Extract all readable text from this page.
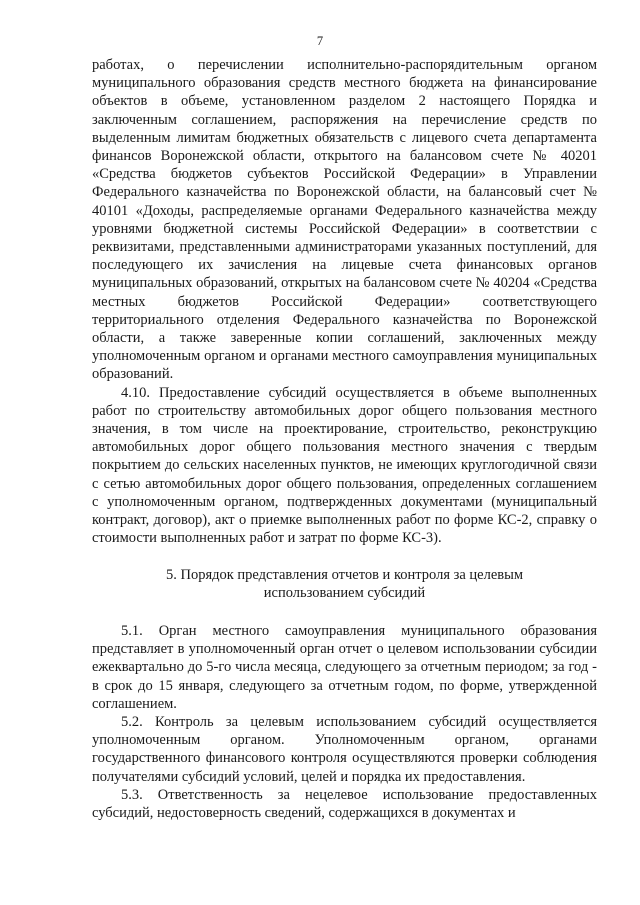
7

работах, о перечислении исполнительно-распорядительным органом муниципального образования средств местного бюджета на финансирование объектов в объеме, установленном разделом 2 настоящего Порядка и заключенным соглашением, распоряжения на перечисление средств по выделенным лимитам бюджетных обязательств с лицевого счета департамента финансов Воронежской области, открытого на балансовом счете № 40201 «Средства бюджетов субъектов Российской Федерации» в Управлении Федерального казначейства по Воронежской области, на балансовый счет № 40101 «Доходы, распределяемые органами Федерального казначейства между уровнями бюджетной системы Российской Федерации» в соответствии с реквизитами, представленными администраторами указанных поступлений, для последующего их зачисления на лицевые счета финансовых органов муниципальных образований, открытых на балансовом счете № 40204 «Средства местных бюджетов Российской Федерации» соответствующего территориального отделения Федерального казначейства по Воронежской области, а также заверенные копии соглашений, заключенных между уполномоченным органом и органами местного самоуправления муниципальных образований.

4.10. Предоставление субсидий осуществляется в объеме выполненных работ по строительству автомобильных дорог общего пользования местного значения, в том числе на проектирование, строительство, реконструкцию автомобильных дорог общего пользования местного значения с твердым покрытием до сельских населенных пунктов, не имеющих круглогодичной связи с сетью автомобильных дорог общего пользования, определенных соглашением с уполномоченным органом, подтвержденных документами (муниципальный контракт, договор), акт о приемке выполненных работ по форме КС-2, справку о стоимости выполненных работ и затрат по форме КС-3).

5. Порядок представления отчетов и контроля за целевым
использованием субсидий

5.1. Орган местного самоуправления муниципального образования представляет в уполномоченный орган отчет о целевом использовании субсидии ежеквартально до 5-го числа месяца, следующего за отчетным периодом; за год - в срок до 15 января, следующего за отчетным годом, по форме, утвержденной соглашением.

5.2. Контроль за целевым использованием субсидий осуществляется уполномоченным органом. Уполномоченным органом, органами государственного финансового контроля осуществляются проверки соблюдения получателями субсидий условий, целей и порядка их предоставления.

5.3. Ответственность за нецелевое использование предоставленных субсидий, недостоверность сведений, содержащихся в документах и
